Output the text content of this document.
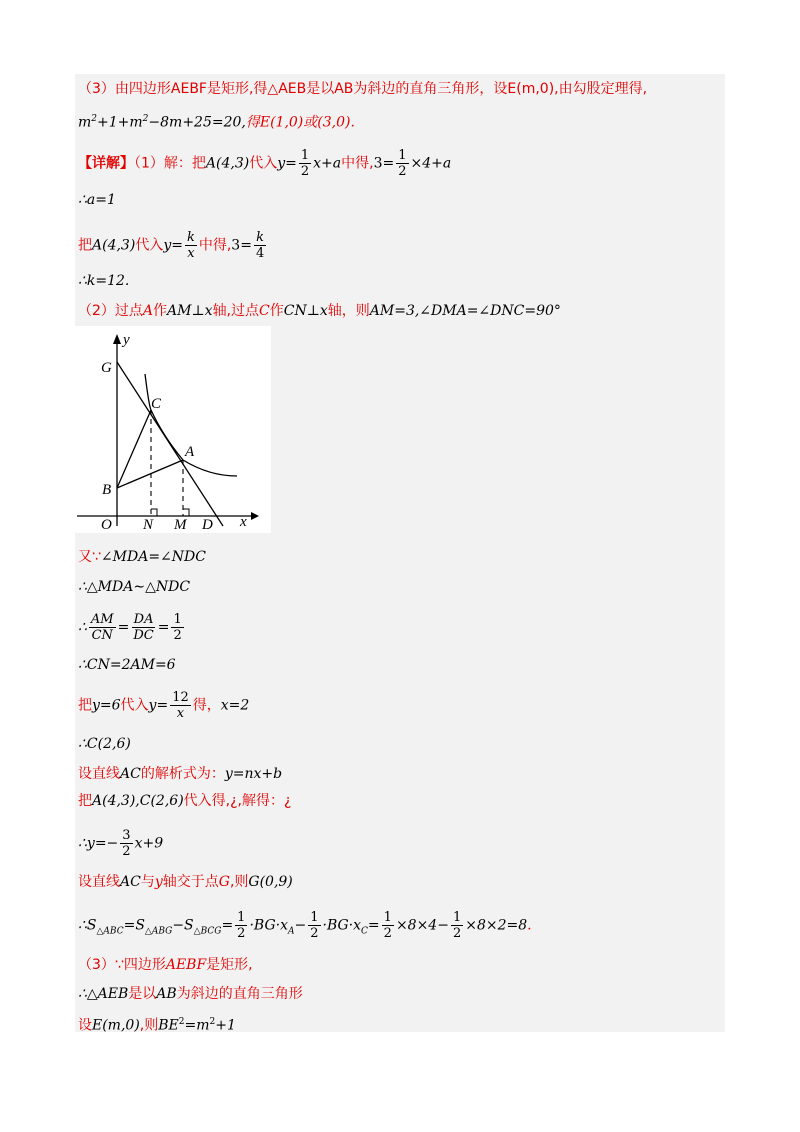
（3）由四边形AEBF是矩形,得△AEB是以AB为斜边的直角三角形，设E(m,0),由勾股定理得,
$m^2+1+m^2-8m+25=20$,得E(1,0)或(3,0).
【详解】（1）解：把A(4,3)代入$y= \frac{1}{2} x+a$中得$,3= \frac{1}{2} \times 4+a$
∴a=1
把A(4,3)代入$y= \frac{k}{x}$ 中得$,3= \frac{k}{4}$
∴k=12.
（2）过点A作AM⊥x轴,过点C作CN⊥x轴，则AM=3,∠DMA=∠DNC=90°
y
G
C
A
B
O N M D x
又∵∠MDA=∠NDC
∴△MDA∼△NDC
∴ $\frac{AM}{CN} = \frac{DA}{DC} = \frac{1}{2}$
∴CN=2AM=6
把y=6代入$y= \frac{12}{x}$ 得，x=2
∴C(2,6)
设直线AC的解析式为：y=nx+b
把A(4,3),C(2,6)代入得,¿,解得：¿
∴y=− $\frac{3}{2} x+9$
设直线AC与y轴交于点G,则G(0,9)
$\therefore S_{\triangle ABC}=S_{\triangle ABG}-S_{\triangle BCG}= \frac{1}{2} \cdot BG\cdot x_A- \frac{1}{2} \cdot BG\cdot x_C= \frac{1}{2} \times 8\times 4- \frac{1}{2} \times 8\times 2=8$.
（3）∵四边形AEBF是矩形,
∴△AEB是以AB为斜边的直角三角形
设E(m,0),则$BE^2=m^2+1$
